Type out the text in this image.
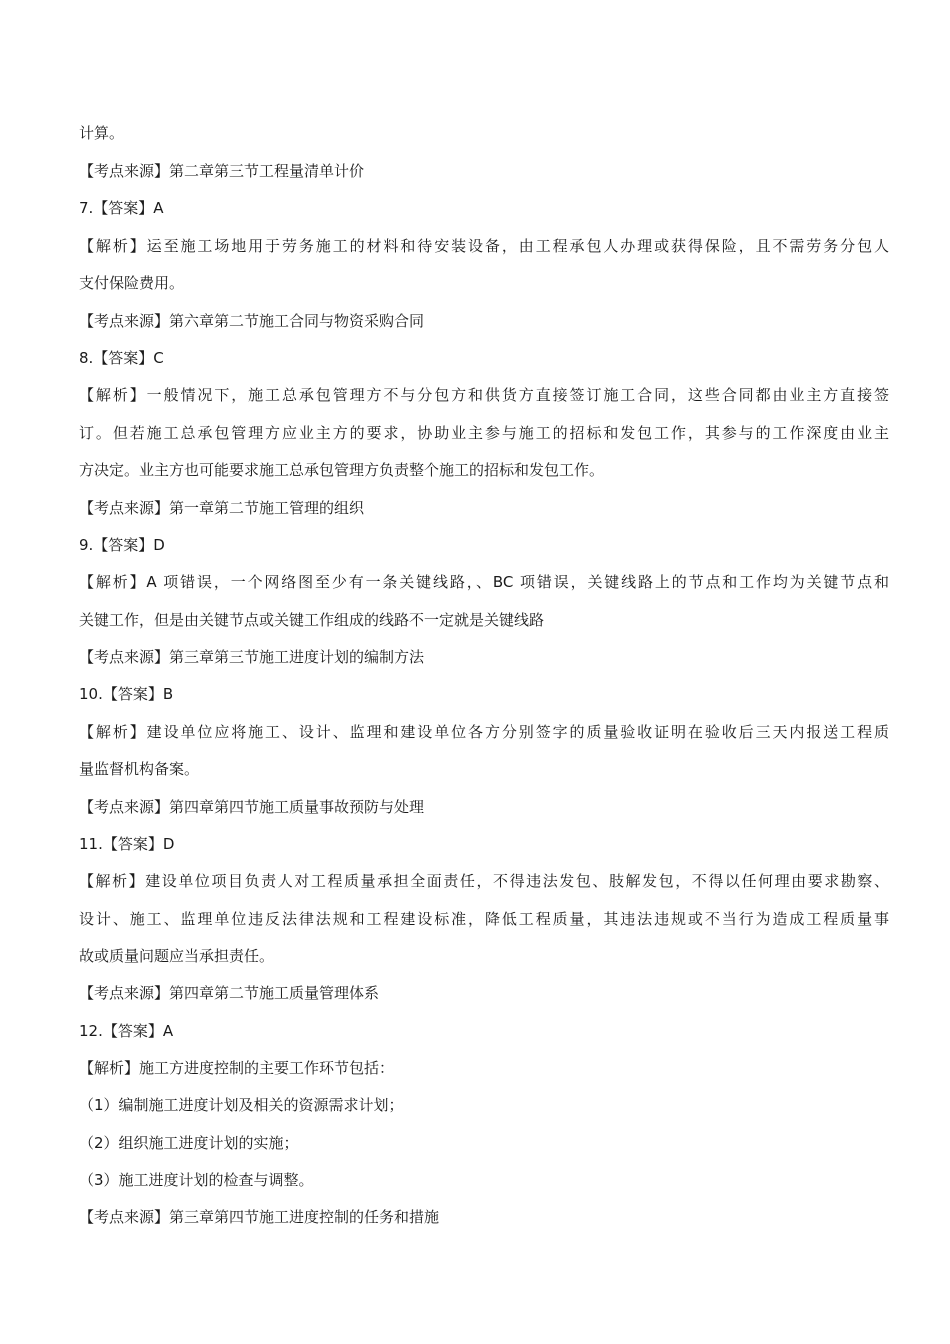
计算。
【考点来源】第二章第三节工程量清单计价
7.【答案】A
【解析】运至施工场地用于劳务施工的材料和待安装设备，由工程承包人办理或获得保险，且不需劳务分包人
支付保险费用。
【考点来源】第六章第二节施工合同与物资采购合同
8.【答案】C
【解析】一般情况下，施工总承包管理方不与分包方和供货方直接签订施工合同，这些合同都由业主方直接签
订。但若施工总承包管理方应业主方的要求，协助业主参与施工的招标和发包工作，其参与的工作深度由业主
方决定。业主方也可能要求施工总承包管理方负责整个施工的招标和发包工作。
【考点来源】第一章第二节施工管理的组织
9.【答案】D
【解析】A 项错误，一个网络图至少有一条关键线路，、BC 项错误，关键线路上的节点和工作均为关键节点和
关键工作，但是由关键节点或关键工作组成的线路不一定就是关键线路
【考点来源】第三章第三节施工进度计划的编制方法
10.【答案】B
【解析】建设单位应将施工、设计、监理和建设单位各方分别签字的质量验收证明在验收后三天内报送工程质
量监督机构备案。
【考点来源】第四章第四节施工质量事故预防与处理
11.【答案】D
【解析】建设单位项目负责人对工程质量承担全面责任，不得违法发包、肢解发包，不得以任何理由要求勘察、
设计、施工、监理单位违反法律法规和工程建设标准，降低工程质量，其违法违规或不当行为造成工程质量事
故或质量问题应当承担责任。
【考点来源】第四章第二节施工质量管理体系
12.【答案】A
【解析】施工方进度控制的主要工作环节包括：
（1）编制施工进度计划及相关的资源需求计划；
（2）组织施工进度计划的实施；
（3）施工进度计划的检查与调整。
【考点来源】第三章第四节施工进度控制的任务和措施
